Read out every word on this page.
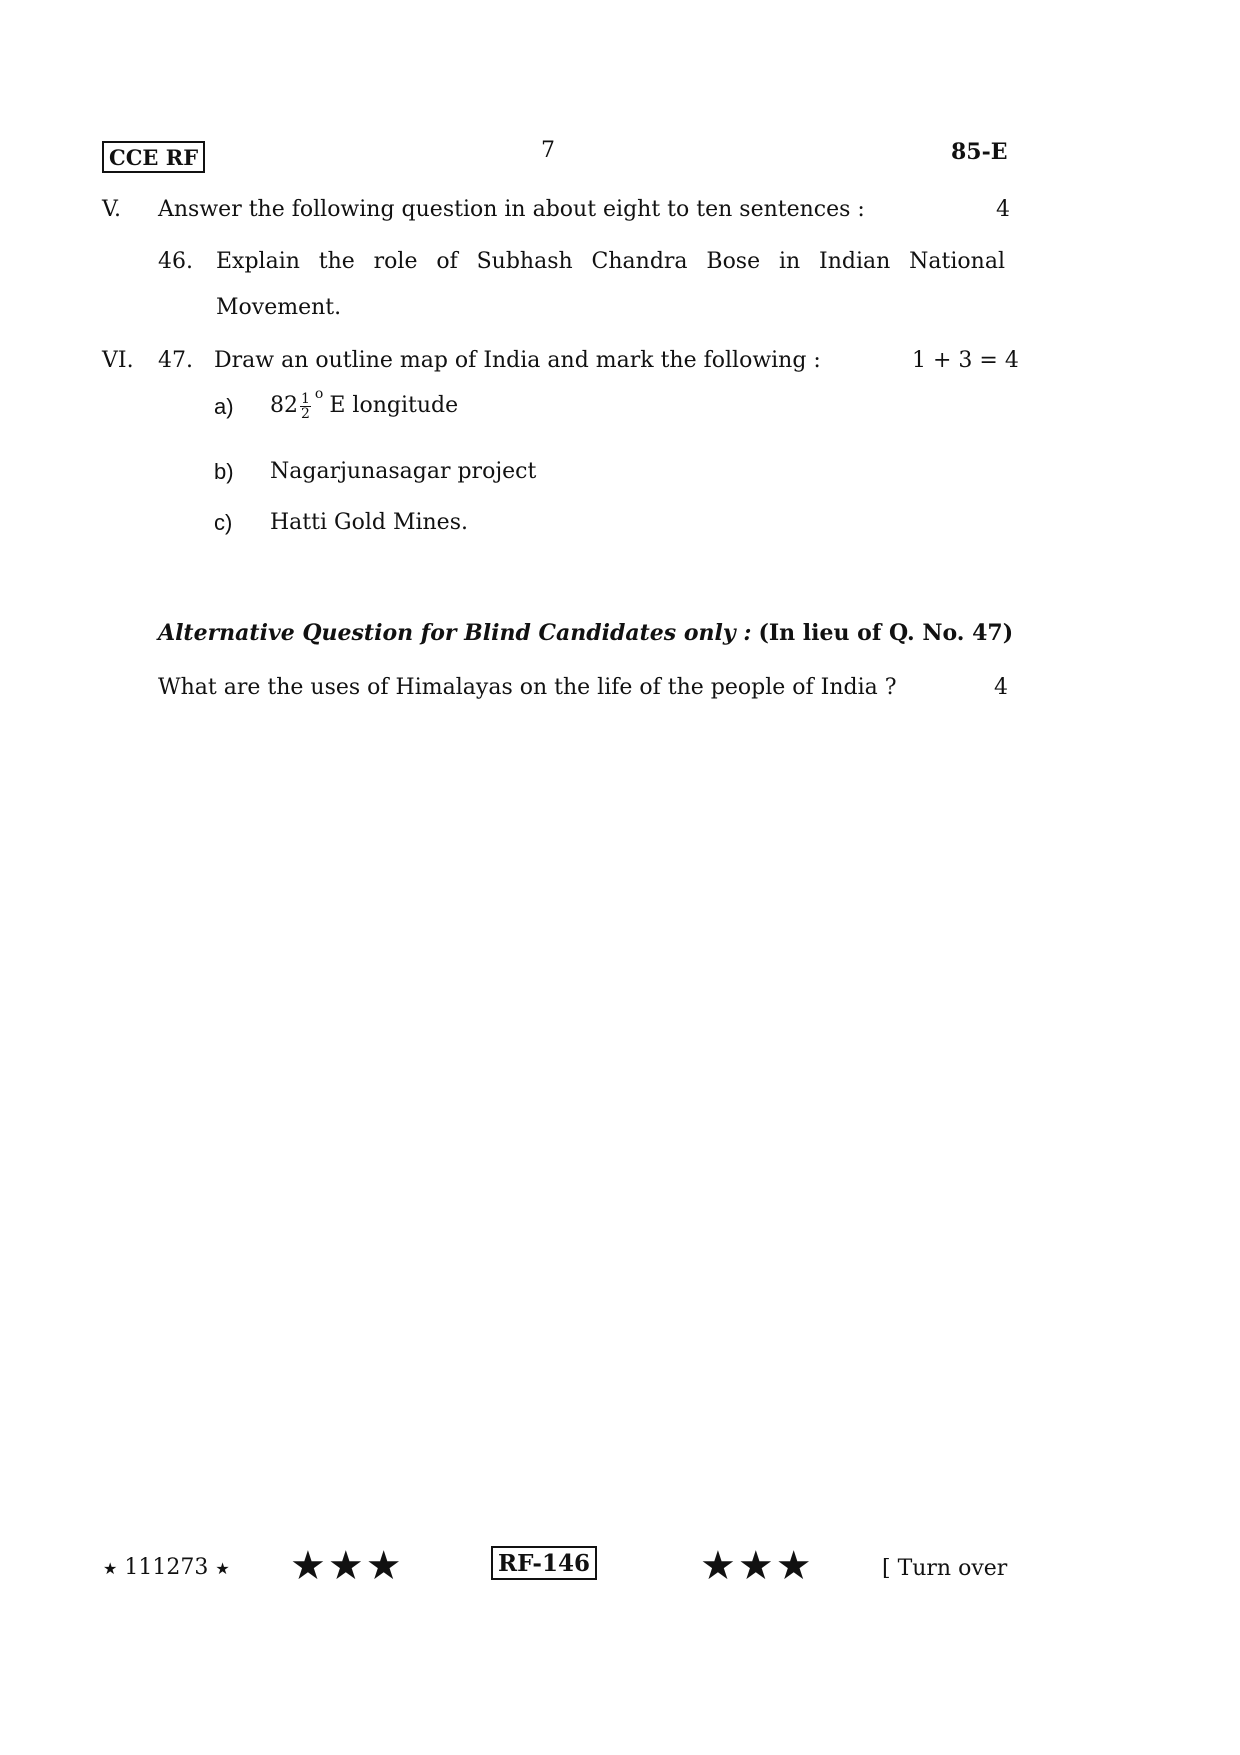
CCE RF	7	85-E
V. Answer the following question in about eight to ten sentences :	4
46. Explain the role of Subhash Chandra Bose in Indian National
Movement.
VI. 47. Draw an outline map of India and mark the following :	1 + 3 = 4
a) $82 \frac{1}{2} ^o$ E longitude
b) Nagarjunasagar project
c) Hatti Gold Mines.
Alternative Question for Blind Candidates only : (In lieu of Q. No. 47)
What are the uses of Himalayas on the life of the people of India ?	4
★ 111273 ★ ★★★	RF-146	★★★	[ Turn over
